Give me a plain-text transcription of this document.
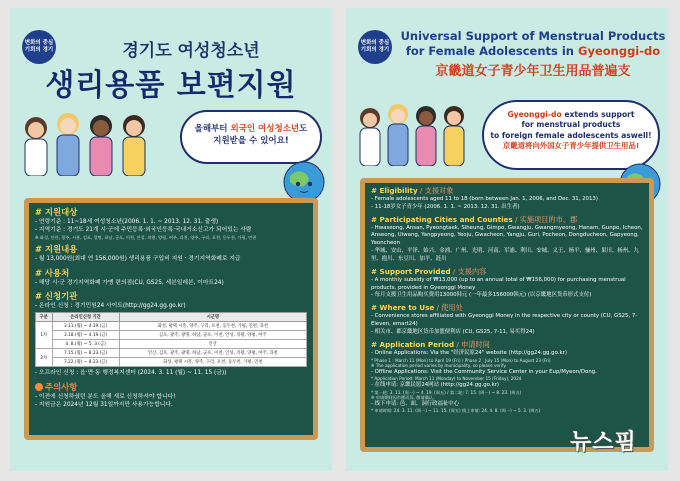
변화의 중심 기회의 경기	경기도 여성청소년
생리용품 보편지원
올해부터 외국인 여성청소년도
지원받을 수 있어요!
# 지원대상
- 연령기준 : 11~18세 여성청소년(2006. 1. 1. ~ 2013. 12. 31. 출생)
- 지역기준 : 경기도 21개 시·군에 주민등록·외국인등록·국내거소신고가 되어있는 사람
※ 화성, 안산, 광주, 시흥, 김포, 광명, 하남, 군포, 이천, 안성, 의왕, 양평, 여주, 과천, 양주, 구리, 포천, 동두천, 가평, 연천
# 지원내용
- 월 13,000원(최대 연 156,000원) 생리용품 구입비 지원 · 경기지역화폐로 지급
# 사용처
- 해당 시·군 경기지역화폐 가맹 편의점(CU, GS25, 세븐일레븐, 이마트24)
# 신청기관
- 온라인 신청 : 경기민원24 사이트(http://gg24.gg.go.kr)
구분	온라인신청 기간	시군명
1차	3.11.(월) ~ 4.19.(금)	화성, 평택 시흥, 양주, 구리, 포천, 동두천, 가평, 연천, 과천
	3.18.(월) ~ 4.19.(금)	김포, 광주, 광명, 하남, 군포, 이천, 안성, 의왕, 양평, 여주
	4. 8.(월) ~ 5. 3.(금)	안산
2차	7.15.(월) ~ 8.23.(금)	안산, 김포, 광주, 광명, 하남, 군포, 이천, 안성, 의왕, 양평, 여주, 과천
	7.22.(월) ~ 8.23.(금)	화성, 평택 시흥, 양주, 구리, 포천, 동두천, 가평, 연천
- 오프라인 신청 : 읍·면·동 행정복지센터 (2024. 3. 11 (월) ~ 11. 15 (금))
주의사항
- 이전에 신청하셨던 분도 올해 새로 신청하셔야 합니다!
- 지원금은 2024년 12월 31일까지만 사용가능합니다.
변화의 중심 기회의 경기
Universal Support of Menstrual Products
for Female Adolescents in Gyeonggi-do
京畿道女子青少年卫生用品普遍支
Gyeonggi-do extends support
for menstrual products
to foreign female adolescents aswell!
京畿道将向外国女子青少年提供卫生用品!
# Eligibility / 支援对象
- Female adolescents aged 11 to 18 (born between Jan. 1, 2006, and Dec. 31, 2013)
- 11-18岁女子青少年 (2006. 1. 1. ~ 2013. 12. 31. 出生者)
# Participating Cities and Counties / 实施项目的市、郡
- Hwaseong, Ansan, Pyeongtaek, Siheung, Gimpo, Gwangju, Gwangmyeong, Hanam, Gunpo, Icheon, Anseong, Uiwang, Yangpyeong, Yeoju, Gwacheon, Yangju, Guri, Pocheon, Dongducheon, Gapyeong, Yeoncheon
- 华城、安山、平泽、始兴、金浦、广州、光明、河南、军浦、利川、安城、义王、杨平、骊州、果川、杨州、九里、抱川、东豆川、加平、涟川
# Support Provided / 支援内容
- A monthly subsidy of ₩13,000 (up to an annual total of ₩156,000) for purchasing menstrual products, provided in Gyeonggi Money
- 每月支援卫生用品购买费用13000韩元 (一年最多156000韩元) (以京畿地区货币形式支付)
# Where to Use / 使用处
- Convenience stores affiliated with Gyeonggi Money in the respective city or county (CU, GS25, 7-Eleven, emart24)
- 相关市、郡京畿地区货币加盟便利店 (CU, GS25, 7-11, 易买得24)
# Application Period / 申请时间
- Online Applications: Via the "经济民原24" website (http://gg24.gg.go.kr)
* Phase 1 : March 11 (Mon) to April 19 (Fri) / Phase 2 : July 15 (Mon) to August 23 (Fri)
※ The application period varies by municipality, so please verify.
- Offline Applications: Visit the Community Service Center in your Eup/Myeon/Dong.
* Application Period: March 11 (Monday) to November 15 (Friday), 2024
- 在线申请: 京畿民愿24网站 (http://gg24.gg.go.kr)
* 第一轮: 3. 11. (周一) ~ 4. 19. (周五) / 第二轮: 7. 15. (周一) ~ 8. 23. (周五)
※ 申请期间因市郡而异, 敬请确认。
- 线下申请: 邑、面、洞行政福祉中心
* 申请时间: 24. 3. 11. (周一) ~ 11. 15. (周五) 线上申请: 24. 4. 8. (周一) ~ 5. 3. (周五)
뉴스핌
